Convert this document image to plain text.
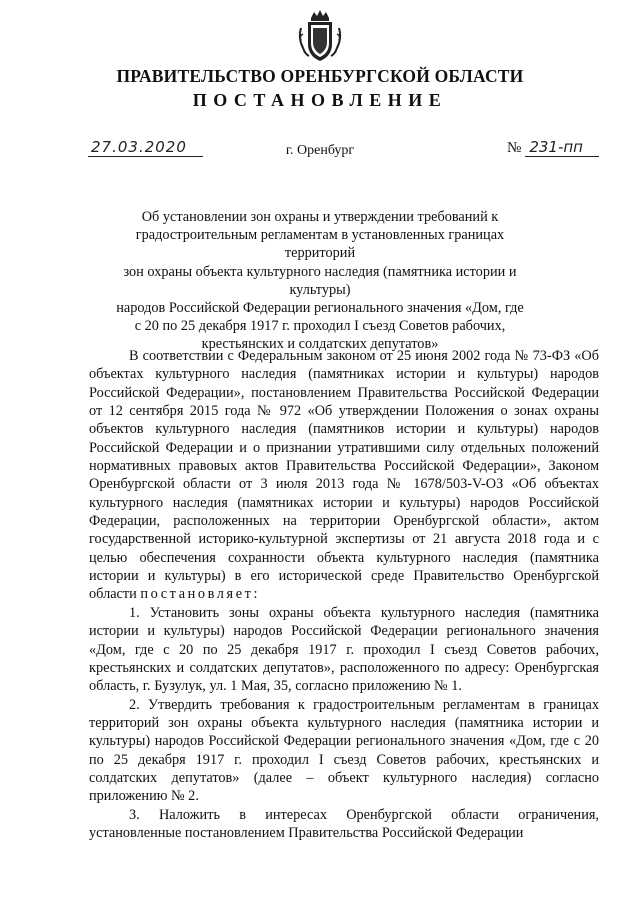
ПРАВИТЕЛЬСТВО ОРЕНБУРГСКОЙ ОБЛАСТИ
ПОСТАНОВЛЕНИЕ
27.03.2020	г. Оренбург	№ 231-пп
Об установлении зон охраны и утверждении требований к
градостроительным регламентам в установленных границах территорий
зон охраны объекта культурного наследия (памятника истории и культуры)
народов Российской Федерации регионального значения «Дом, где
с 20 по 25 декабря 1917 г. проходил I съезд Советов рабочих,
крестьянских и солдатских депутатов»

В соответствии с Федеральным законом от 25 июня 2002 года № 73-ФЗ «Об объектах культурного наследия (памятниках истории и культуры) народов Российской Федерации», постановлением Правительства Российской Федерации от 12 сентября 2015 года № 972 «Об утверждении Положения о зонах охраны объектов культурного наследия (памятников истории и культуры) народов Российской Федерации и о признании утратившими силу отдельных положений нормативных правовых актов Правительства Российской Федерации», Законом Оренбургской области от 3 июля 2013 года № 1678/503-V-ОЗ «Об объектах культурного наследия (памятниках истории и культуры) народов Российской Федерации, расположенных на территории Оренбургской области», актом государственной историко-культурной экспертизы от 21 августа 2018 года и с целью обеспечения сохранности объекта культурного наследия (памятника истории и культуры) в его исторической среде Правительство Оренбургской области постановляет:

1. Установить зоны охраны объекта культурного наследия (памятника истории и культуры) народов Российской Федерации регионального значения «Дом, где с 20 по 25 декабря 1917 г. проходил I съезд Советов рабочих, крестьянских и солдатских депутатов», расположенного по адресу: Оренбургская область, г. Бузулук, ул. 1 Мая, 35, согласно приложению № 1.

2. Утвердить требования к градостроительным регламентам в границах территорий зон охраны объекта культурного наследия (памятника истории и культуры) народов Российской Федерации регионального значения «Дом, где с 20 по 25 декабря 1917 г. проходил I съезд Советов рабочих, крестьянских и солдатских депутатов» (далее – объект культурного наследия) согласно приложению № 2.

3. Наложить в интересах Оренбургской области ограничения, установленные постановлением Правительства Российской Федерации
